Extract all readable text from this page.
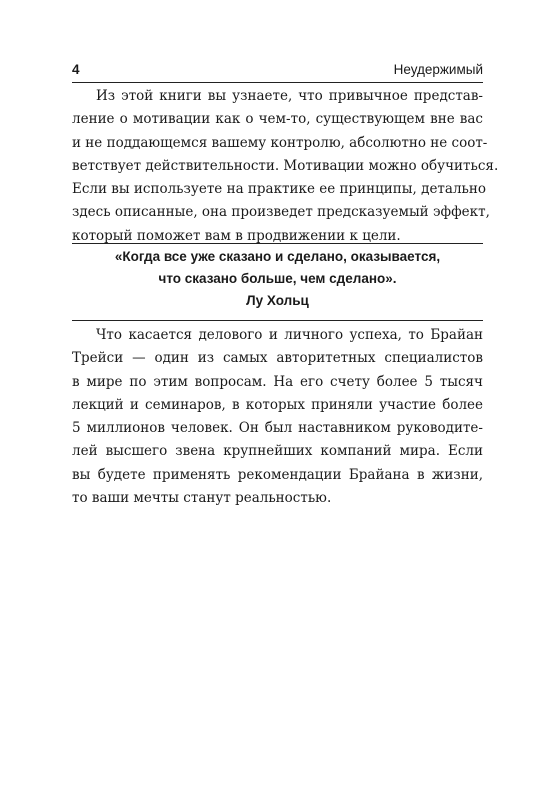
4	Неудержимый

Из этой книги вы узнаете, что привычное представ-
ление о мотивации как о чем-то, существующем вне вас
и не поддающемся вашему контролю, абсолютно не соот-
ветствует действительности. Мотивации можно обучиться.
Если вы используете на практике ее принципы, детально
здесь описанные, она произведет предсказуемый эффект,
который поможет вам в продвижении к цели.

«Когда все уже сказано и сделано, оказывается,
что сказано больше, чем сделано».
Лу Хольц

Что касается делового и личного успеха, то Брайан
Трейси — один из самых авторитетных специалистов
в мире по этим вопросам. На его счету более 5 тысяч
лекций и семинаров, в которых приняли участие более
5 миллионов человек. Он был наставником руководите-
лей высшего звена крупнейших компаний мира. Если
вы будете применять рекомендации Брайана в жизни,
то ваши мечты станут реальностью.
